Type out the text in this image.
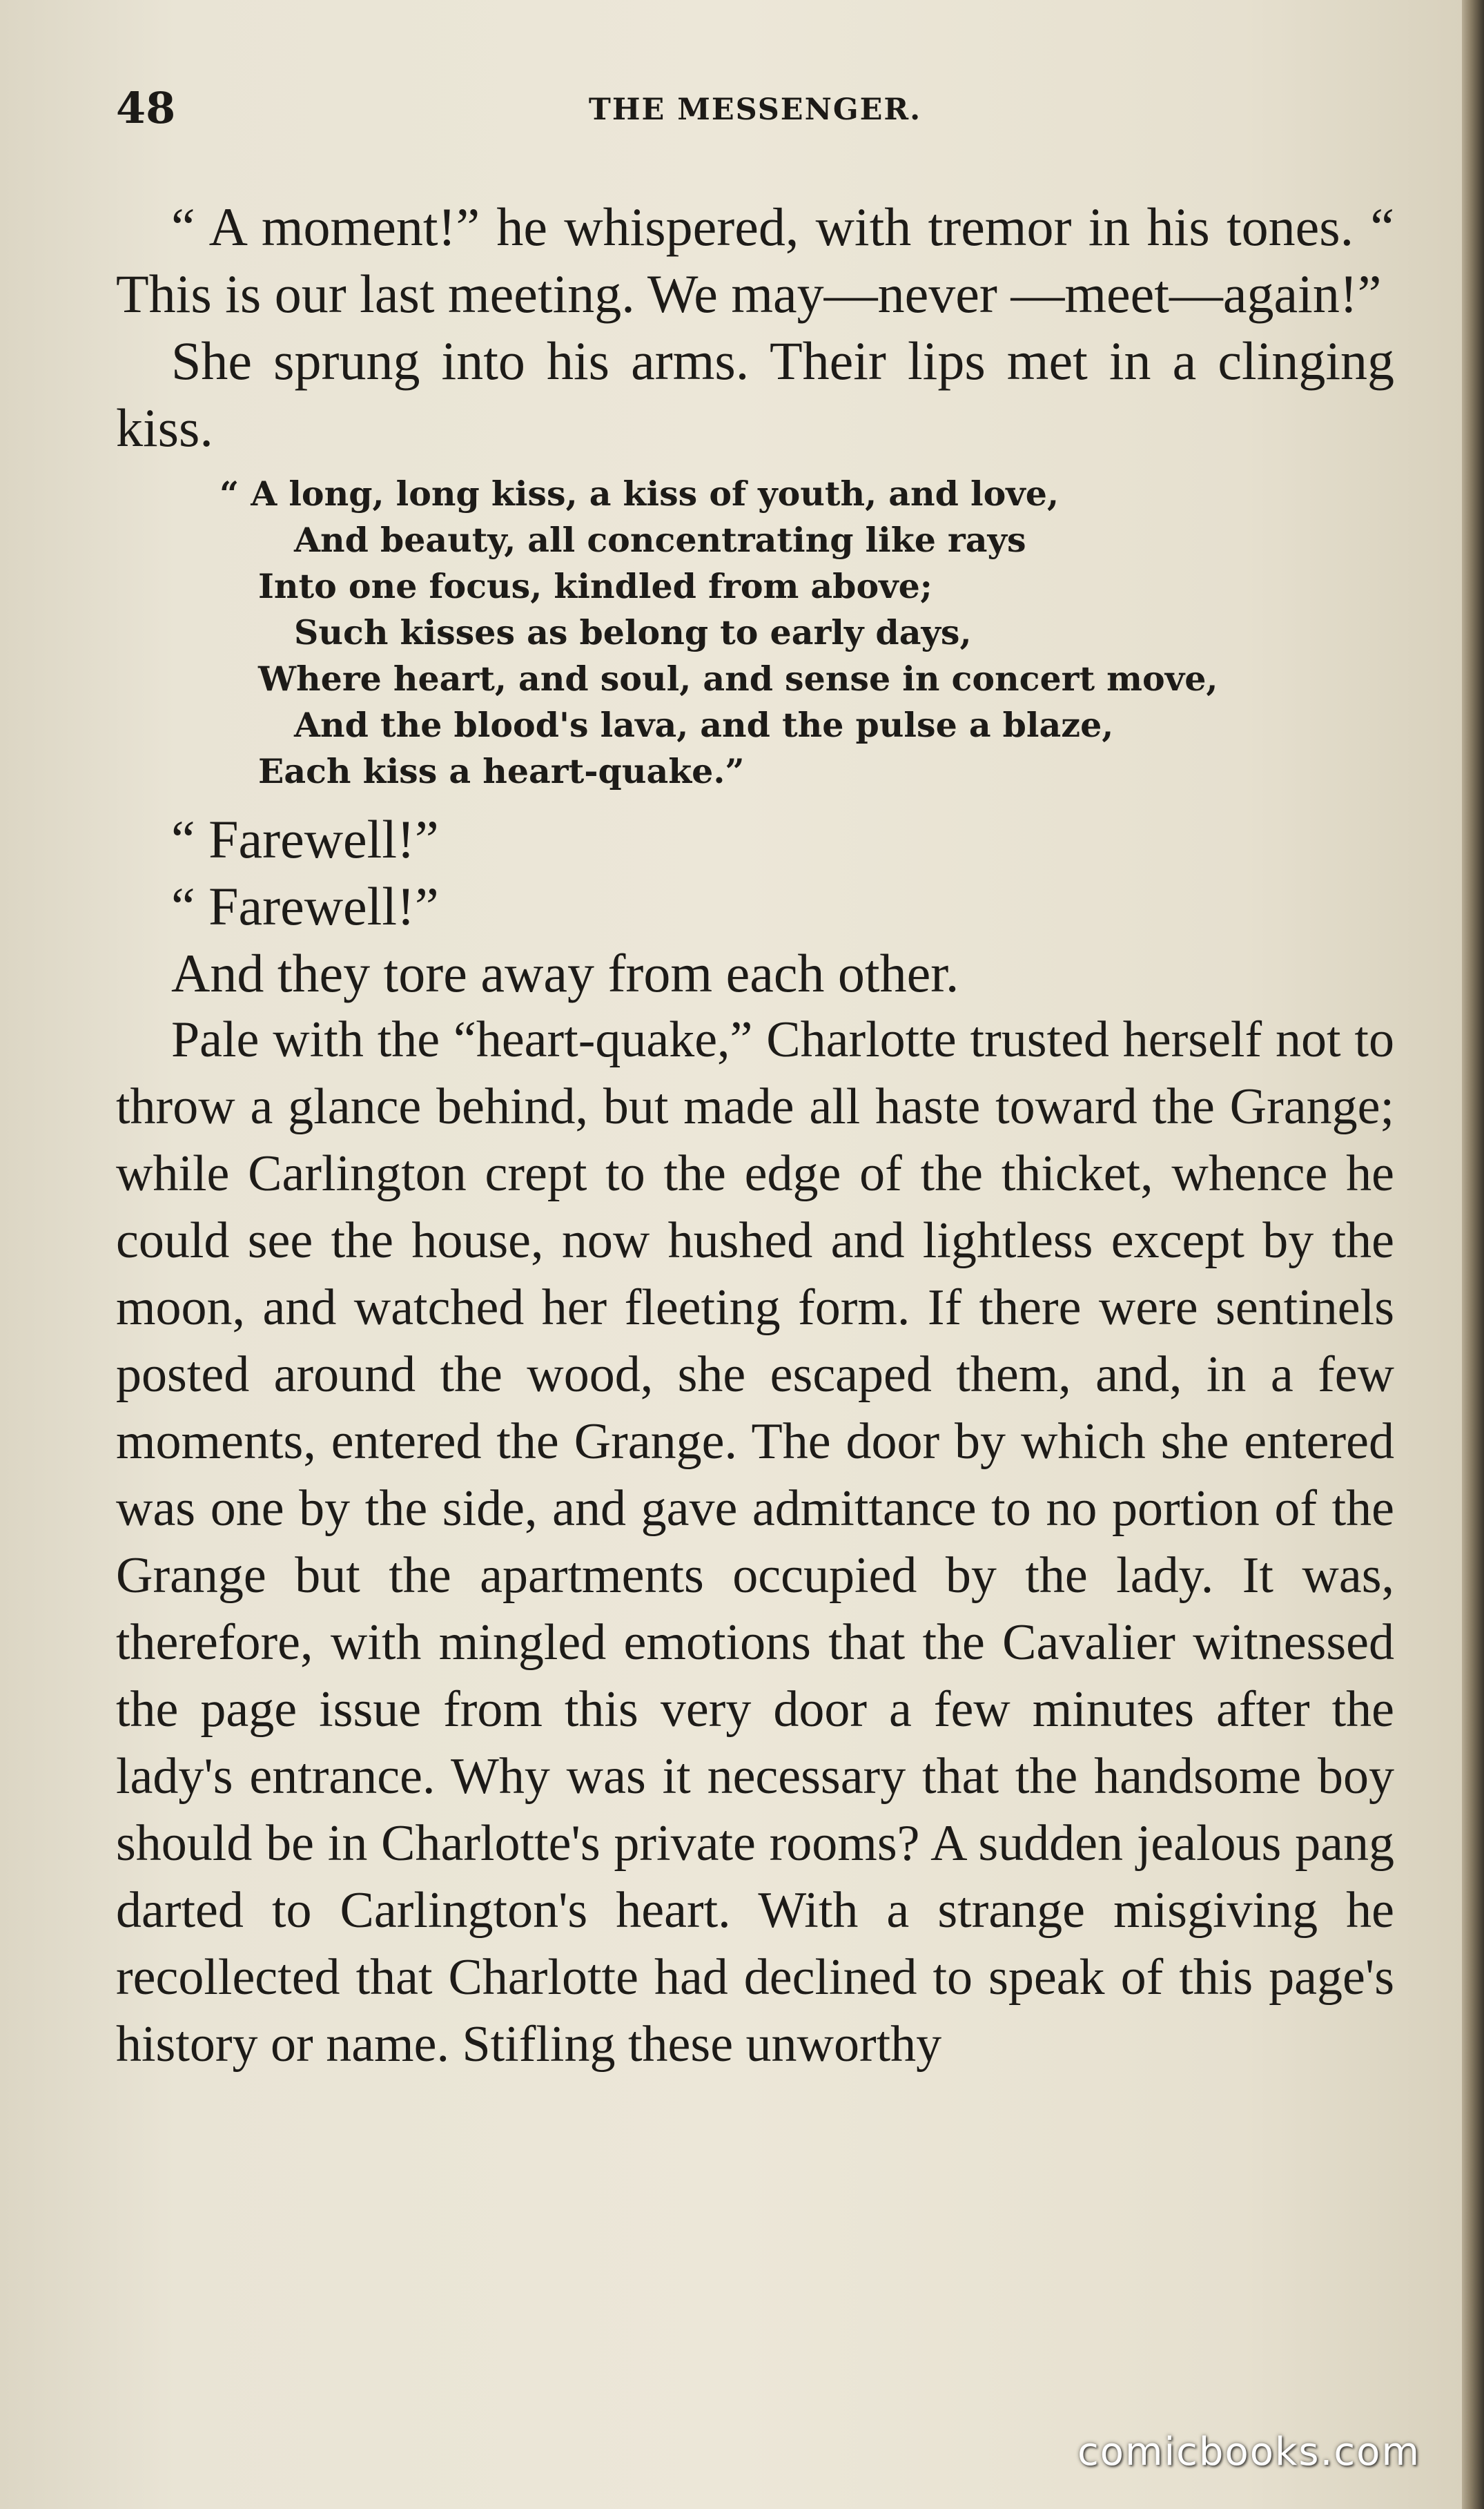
48	THE MESSENGER.

“ A moment!” he whispered, with tremor in his tones. “ This is our last meeting. We may—never —meet—again!”

She sprung into his arms. Their lips met in a clinging kiss.

“ A long, long kiss, a kiss of youth, and love,
And beauty, all concentrating like rays
Into one focus, kindled from above;
Such kisses as belong to early days,
Where heart, and soul, and sense in concert move,
And the blood's lava, and the pulse a blaze,
Each kiss a heart-quake.”

“ Farewell!”

“ Farewell!”

And they tore away from each other.

Pale with the “heart-quake,” Charlotte trusted herself not to throw a glance behind, but made all haste toward the Grange; while Carlington crept to the edge of the thicket, whence he could see the house, now hushed and lightless except by the moon, and watched her fleeting form. If there were sentinels posted around the wood, she escaped them, and, in a few moments, entered the Grange. The door by which she entered was one by the side, and gave admittance to no portion of the Grange but the apartments occupied by the lady. It was, therefore, with mingled emotions that the Cavalier witnessed the page issue from this very door a few minutes after the lady's entrance. Why was it necessary that the handsome boy should be in Charlotte's private rooms? A sudden jealous pang darted to Carlington's heart. With a strange misgiving he recollected that Charlotte had declined to speak of this page's history or name. Stifling these unworthy

comicbooks.com
